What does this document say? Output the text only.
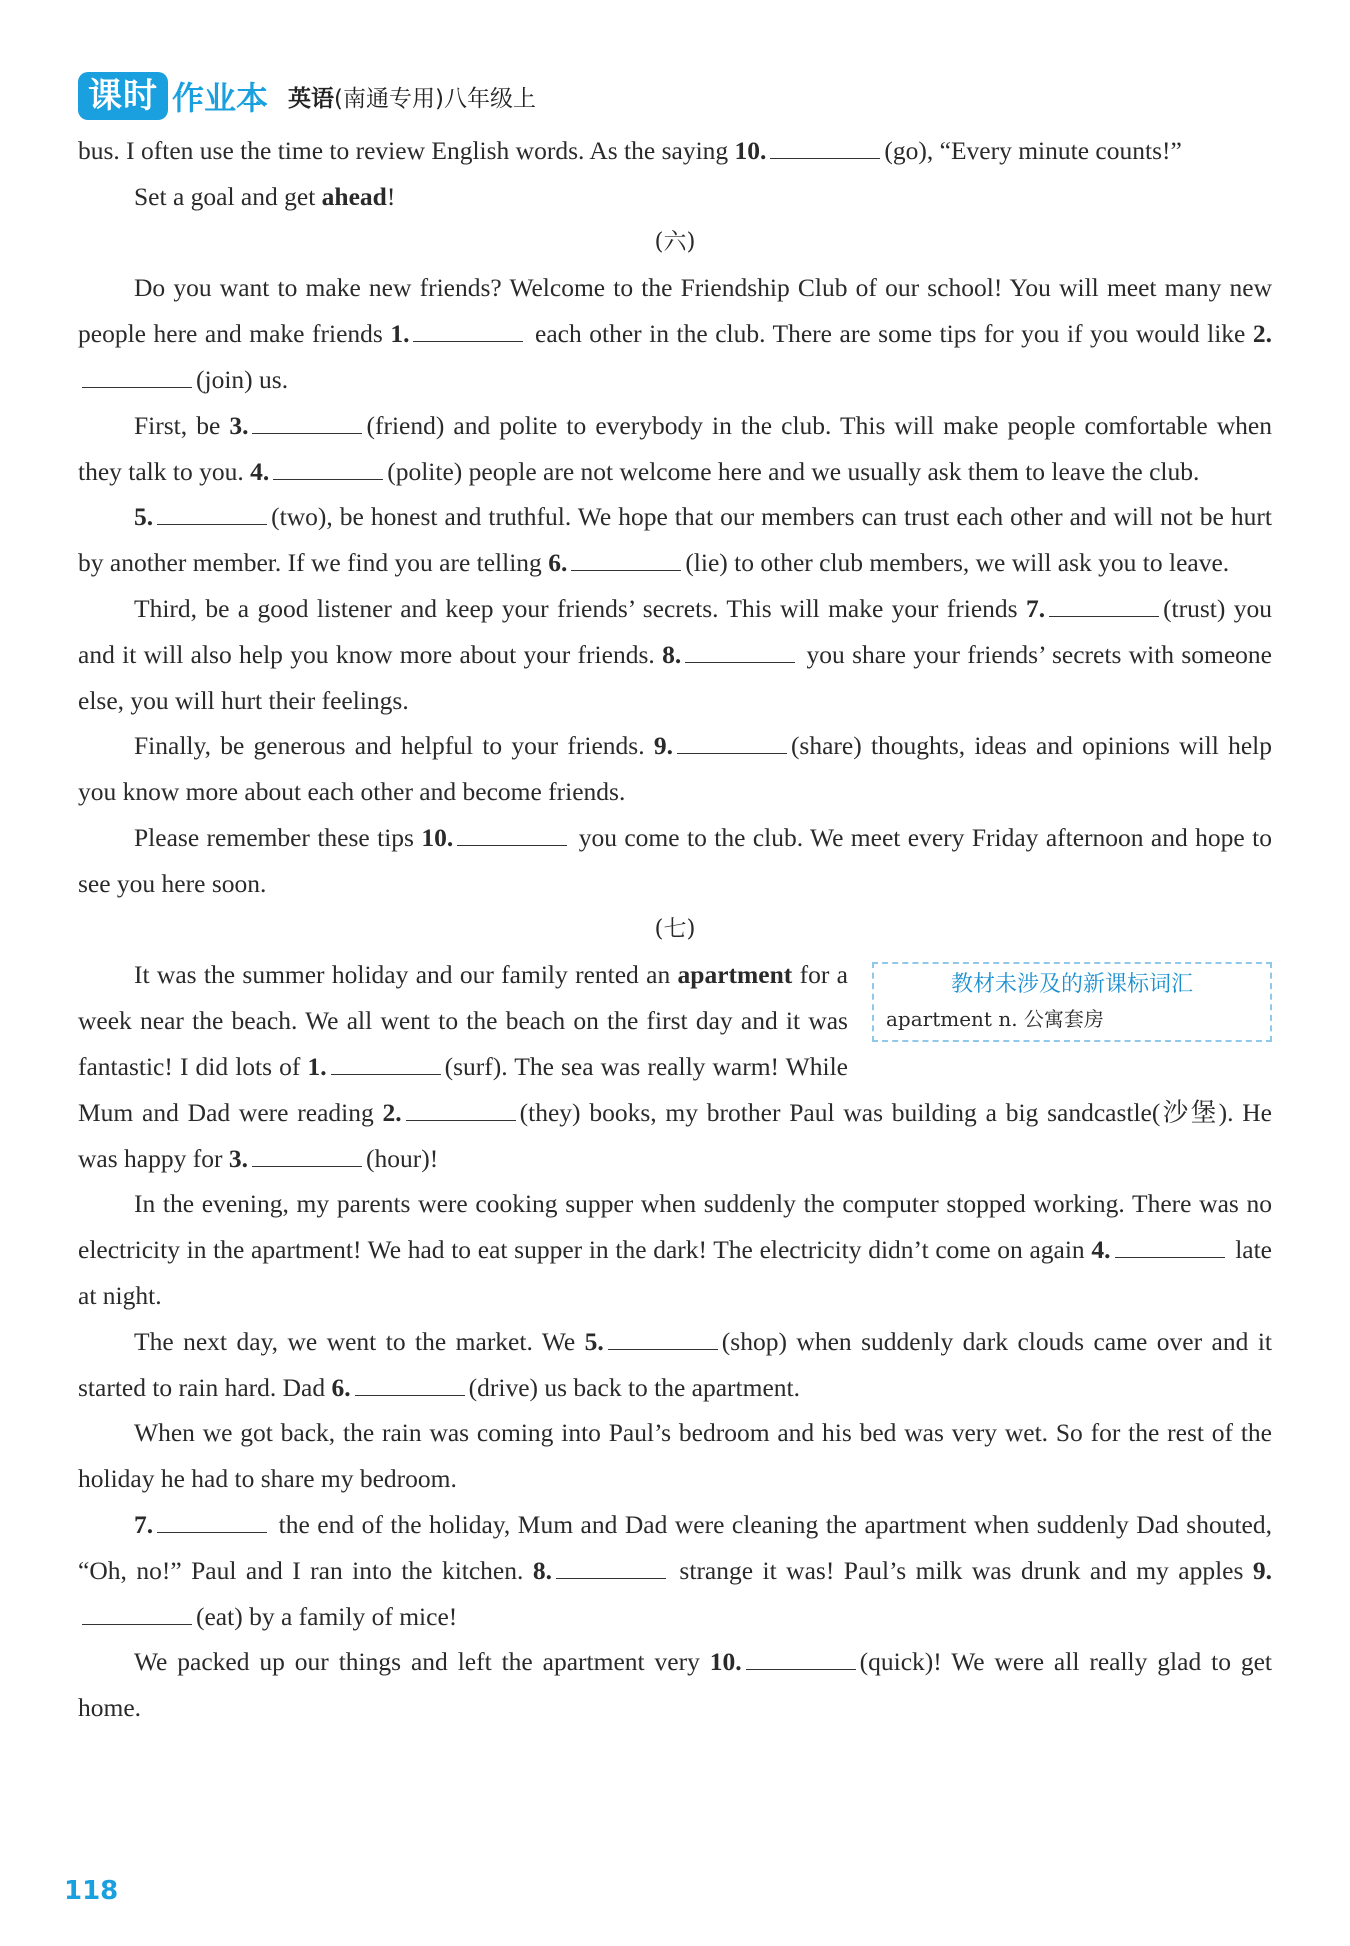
课时 作业本 英语(南通专用)八年级上

bus. I often use the time to review English words. As the saying 10.	(go), “Every minute counts!”

Set a goal and get ahead!

(六)

Do you want to make new friends? Welcome to the Friendship Club of our school! You will meet many new people here and make friends 1.	each other in the club. There are some tips for you if you would like 2.(join) us.

First, be 3.	(friend) and polite to everybody in the club. This will make people comfortable when they talk to you. 4.	(polite) people are not welcome here and we usually ask them to leave the club.

5.	(two), be honest and truthful. We hope that our members can trust each other and will not be hurt by another member. If we find you are telling 6.	(lie) to other club members, we will ask you to leave.

Third, be a good listener and keep your friends’ secrets. This will make your friends 7.	(trust) you and it will also help you know more about your friends. 8.	you share your friends’ secrets with someone else, you will hurt their feelings.

Finally, be generous and helpful to your friends. 9.	(share) thoughts, ideas and opinions will help you know more about each other and become friends.

Please remember these tips 10.	you come to the club. We meet every Friday afternoon and hope to see you here soon.

(七)
教材未涉及的新课标词汇
apartment n. 公寓套房

It was the summer holiday and our family rented an apartment for a week near the beach. We all went to the beach on the first day and it was fantastic! I did lots of 1.	(surf). The sea was really warm! While Mum and Dad were reading 2.	(they) books, my brother Paul was building a big sandcastle(沙堡). He was happy for 3.	(hour)!

In the evening, my parents were cooking supper when suddenly the computer stopped working. There was no electricity in the apartment! We had to eat supper in the dark! The electricity didn’t come on again 4.	late at night.

The next day, we went to the market. We 5.	(shop) when suddenly dark clouds came over and it started to rain hard. Dad 6.	(drive) us back to the apartment.

When we got back, the rain was coming into Paul’s bedroom and his bed was very wet. So for the rest of the holiday he had to share my bedroom.

7.	the end of the holiday, Mum and Dad were cleaning the apartment when suddenly Dad shouted, “Oh, no!” Paul and I ran into the kitchen. 8.	strange it was! Paul’s milk was drunk and my apples 9.(eat) by a family of mice!

We packed up our things and left the apartment very 10.	(quick)! We were all really glad to get home.

118
